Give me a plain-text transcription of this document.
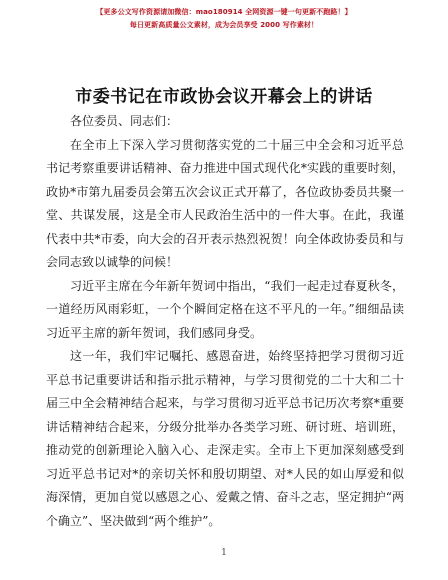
【更多公文写作资源请加微信：mao180914 全网资源一键一句更新不跑路！】
每日更新高质量公文素材，成为会员享受 2000 写作素材！
市委书记在市政协会议开幕会上的讲话

各位委员、同志们：

在全市上下深入学习贯彻落实党的二十届三中全会和习近平总书记考察重要讲话精神、奋力推进中国式现代化*实践的重要时刻，政协*市第九届委员会第五次会议正式开幕了，各位政协委员共聚一堂、共谋发展，这是全市人民政治生活中的一件大事。在此，我谨代表中共*市委，向大会的召开表示热烈祝贺！向全体政协委员和与会同志致以诚挚的问候！

习近平主席在今年新年贺词中指出，“我们一起走过春夏秋冬，一道经历风雨彩虹，一个个瞬间定格在这不平凡的一年。”细细品读习近平主席的新年贺词，我们感同身受。

这一年，我们牢记嘱托、感恩奋进，始终坚持把学习贯彻习近平总书记重要讲话和指示批示精神，与学习贯彻党的二十大和二十届三中全会精神结合起来，与学习贯彻习近平总书记历次考察*重要讲话精神结合起来，分级分批举办各类学习班、研讨班、培训班，推动党的创新理论入脑入心、走深走实。全市上下更加深刻感受到习近平总书记对*的亲切关怀和殷切期望、对*人民的如山厚爱和似海深情，更加自觉以感恩之心、爱戴之情、奋斗之志，坚定拥护“两个确立”、坚决做到“两个维护”。

1
